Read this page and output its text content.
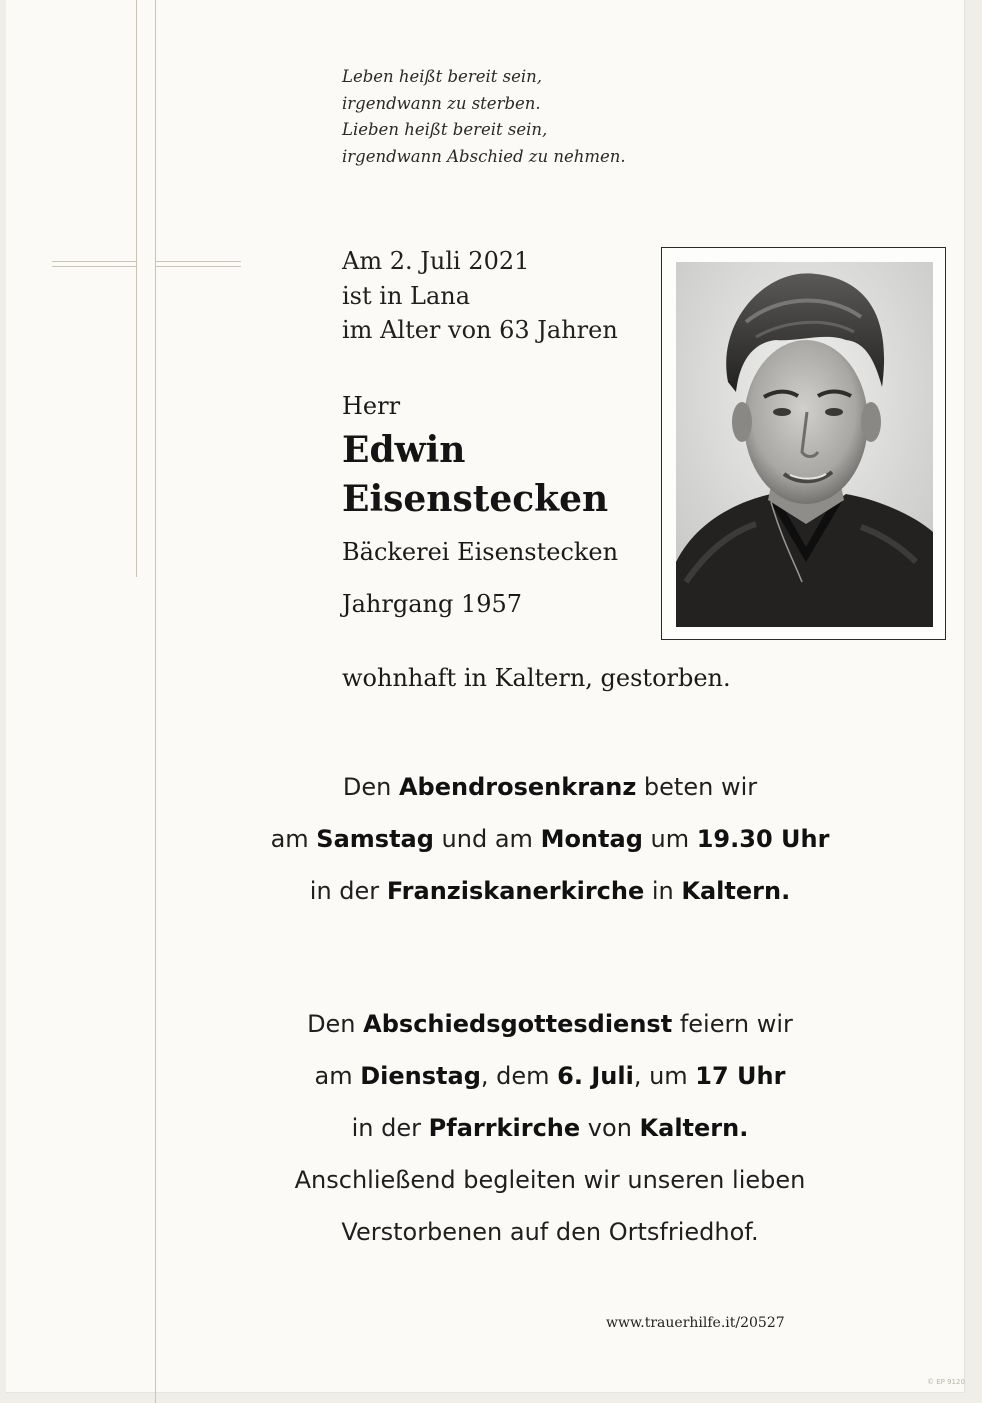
Leben heißt bereit sein,
irgendwann zu sterben.
Lieben heißt bereit sein,
irgendwann Abschied zu nehmen.
Am 2. Juli 2021
ist in Lana
im Alter von 63 Jahren
Herr
Edwin
Eisenstecken
Bäckerei Eisenstecken
Jahrgang 1957
wohnhaft in Kaltern, gestorben.
Den Abendrosenkranz beten wir
am Samstag und am Montag um 19.30 Uhr
in der Franziskanerkirche in Kaltern.
Den Abschiedsgottesdienst feiern wir
am Dienstag, dem 6. Juli, um 17 Uhr
in der Pfarrkirche von Kaltern.
Anschließend begleiten wir unseren lieben
Verstorbenen auf den Ortsfriedhof.
www.trauerhilfe.it/20527
© EP 9120
